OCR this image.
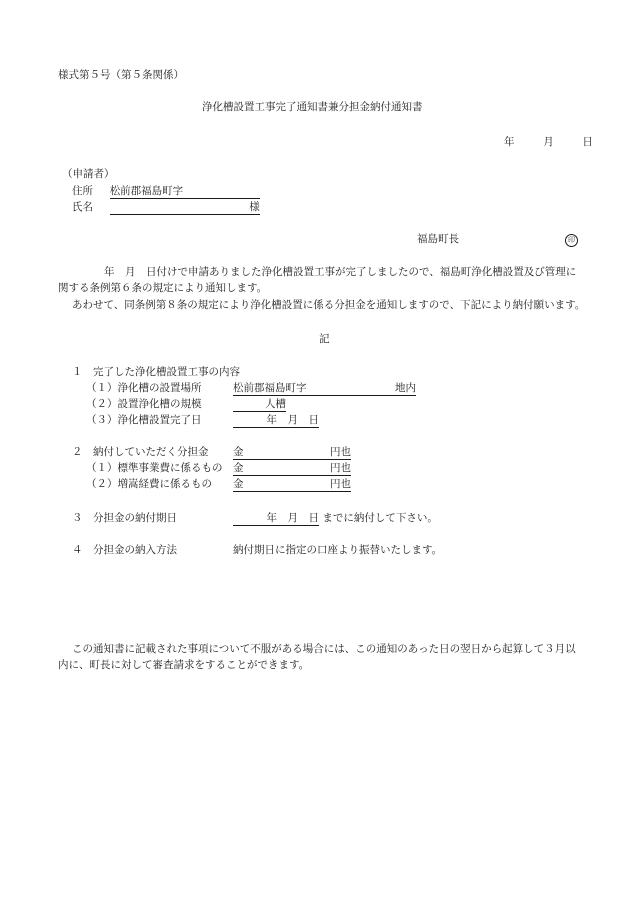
様式第５号（第５条関係）
浄化槽設置工事完了通知書兼分担金納付通知書
年	月	日
（申請者）
住所 松前郡福島町字
氏名	様
福島町長	印
年　月　日付けで申請ありました浄化槽設置工事が完了しましたので、福島町浄化槽設置及び管理に
関する条例第６条の規定により通知します。
あわせて、同条例第８条の規定により浄化槽設置に係る分担金を通知しますので、下記により納付願います。
記
１　完了した浄化槽設置工事の内容
（１）浄化槽の設置場所	松前郡福島町字	地内
（２）設置浄化槽の規模	人槽
（３）浄化槽設置完了日	年　月　日
２　納付していただく分担金 金	円也
（１）標準事業費に係るもの 金	円也
（２）増嵩経費に係るもの 金	円也
３　分担金の納付期日	年　月　日 までに納付して下さい。
４　分担金の納入方法	納付期日に指定の口座より振替いたします。
この通知書に記載された事項について不服がある場合には、この通知のあった日の翌日から起算して３月以
内に、町長に対して審査請求をすることができます。
